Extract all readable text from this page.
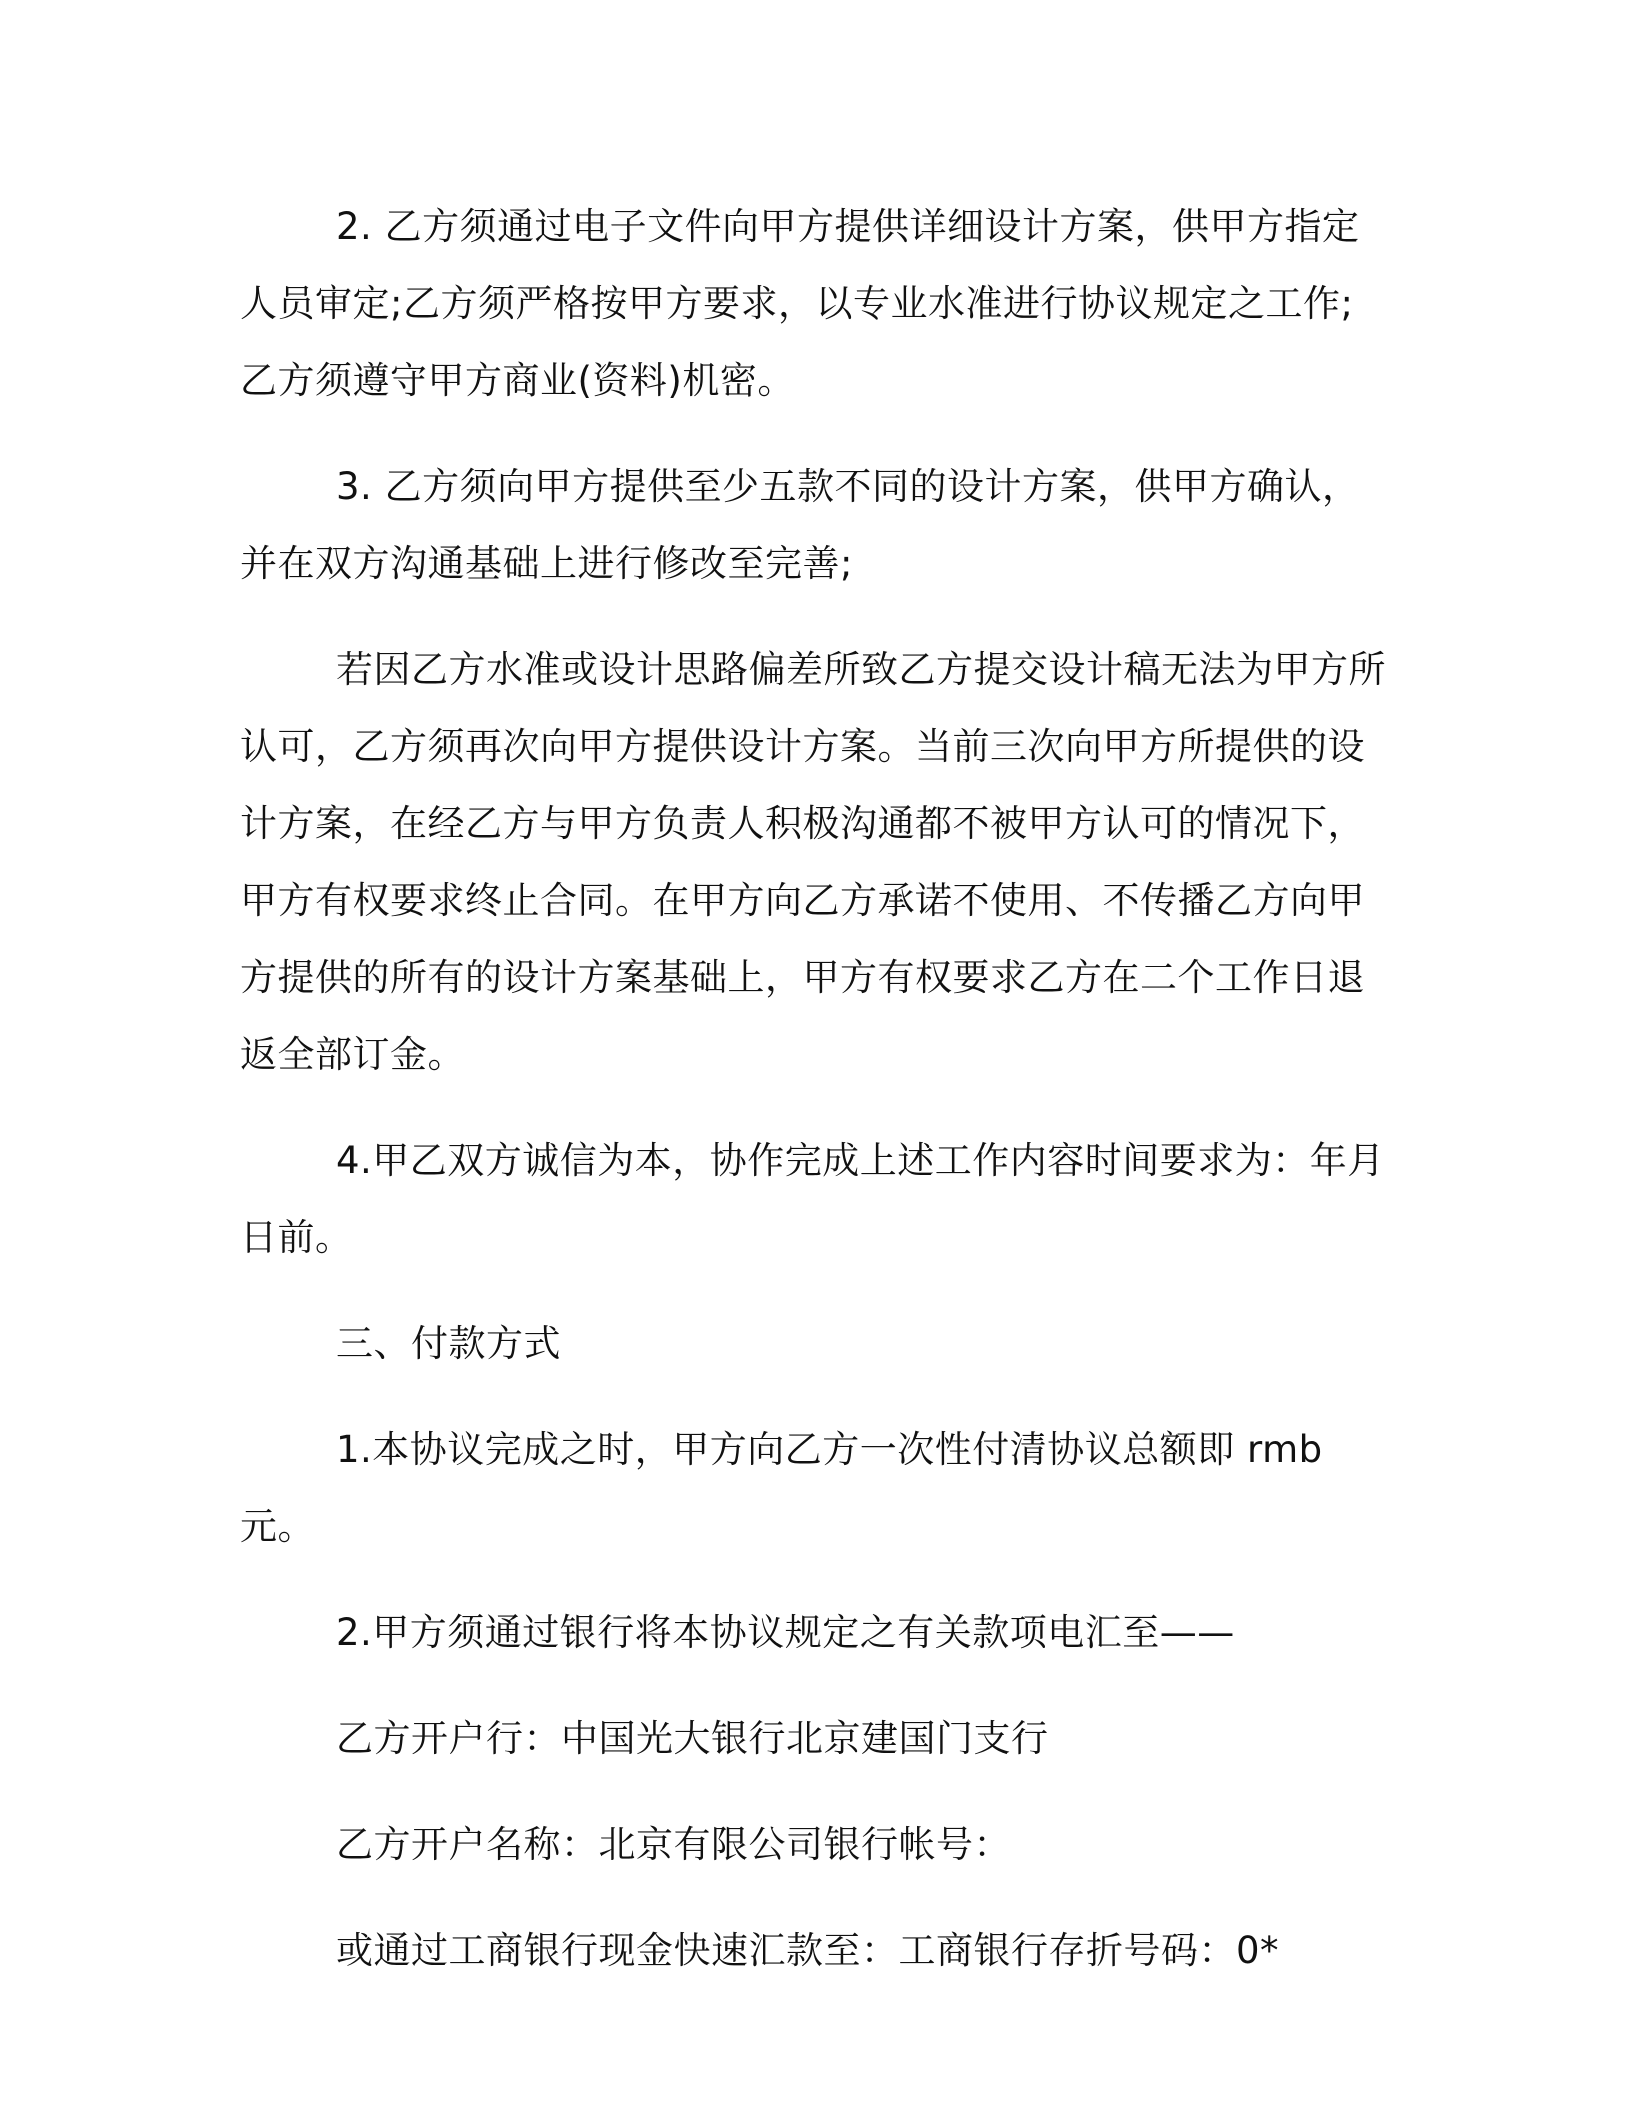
2. 乙方须通过电子文件向甲方提供详细设计方案，供甲方指定人员审定;乙方须严格按甲方要求，以专业水准进行协议规定之工作;乙方须遵守甲方商业(资料)机密。

3. 乙方须向甲方提供至少五款不同的设计方案，供甲方确认，并在双方沟通基础上进行修改至完善;

若因乙方水准或设计思路偏差所致乙方提交设计稿无法为甲方所认可，乙方须再次向甲方提供设计方案。当前三次向甲方所提供的设计方案，在经乙方与甲方负责人积极沟通都不被甲方认可的情况下，甲方有权要求终止合同。在甲方向乙方承诺不使用、不传播乙方向甲方提供的所有的设计方案基础上，甲方有权要求乙方在二个工作日退返全部订金。

4.甲乙双方诚信为本，协作完成上述工作内容时间要求为：年月日前。

三、付款方式

1.本协议完成之时，甲方向乙方一次性付清协议总额即 rmb 元。

2.甲方须通过银行将本协议规定之有关款项电汇至——

乙方开户行：中国光大银行北京建国门支行

乙方开户名称：北京有限公司银行帐号：

或通过工商银行现金快速汇款至：工商银行存折号码：0*
